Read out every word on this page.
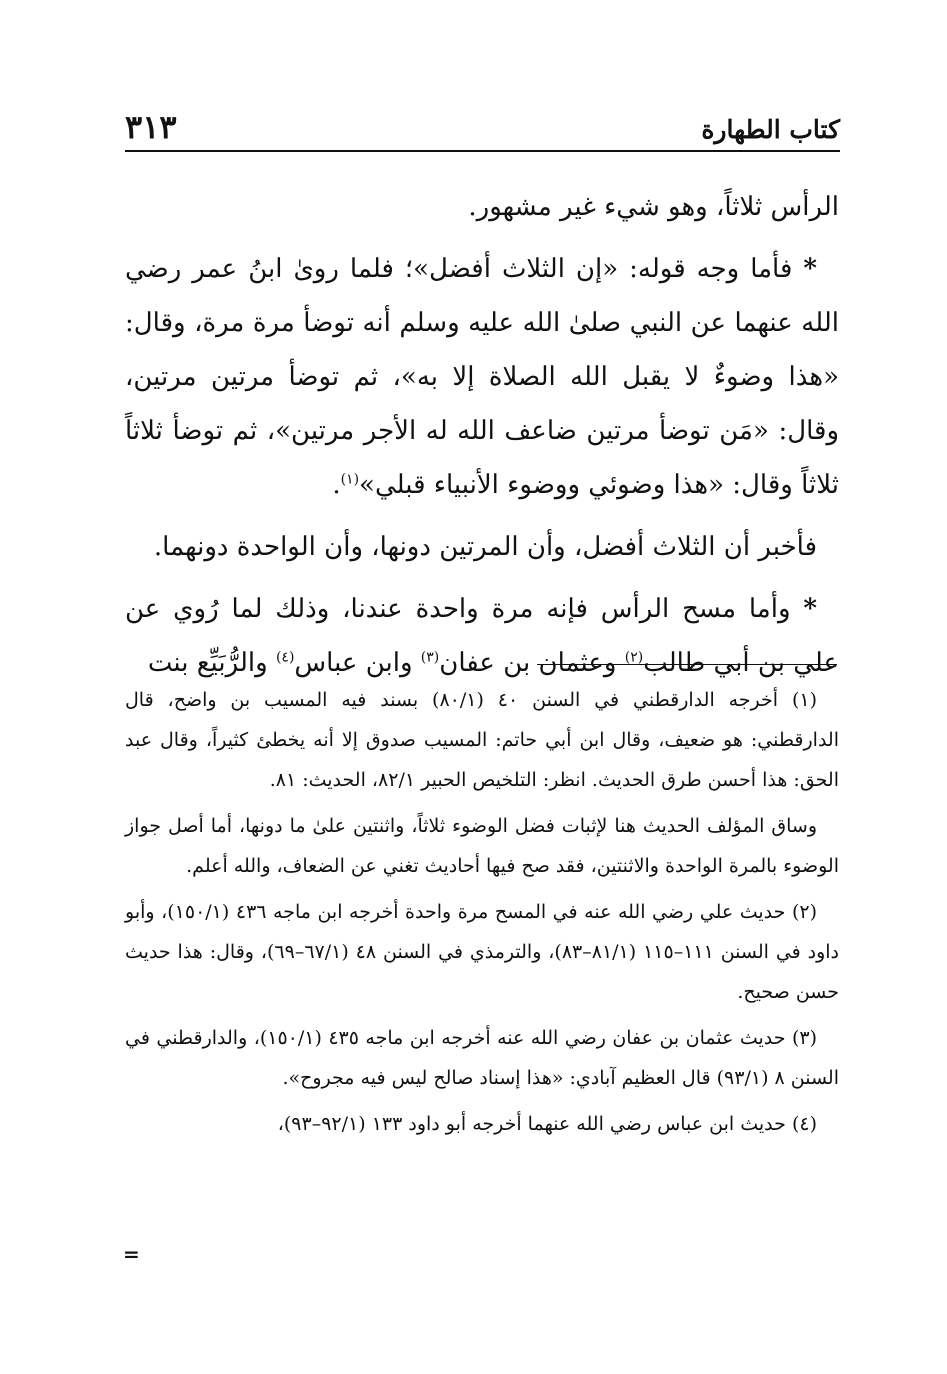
كتاب الطهارة
٣١٣

الرأس ثلاثاً، وهو شيء غير مشهور.

* فأما وجه قوله: «إن الثلاث أفضل»؛ فلما روىٰ ابنُ عمر رضي الله عنهما عن النبي صلىٰ الله عليه وسلم أنه توضأ مرة مرة، وقال: «هذا وضوءٌ لا يقبل الله الصلاة إلا به»، ثم توضأ مرتين مرتين، وقال: «مَن توضأ مرتين ضاعف الله له الأجر مرتين»، ثم توضأ ثلاثاً ثلاثاً وقال: «هذا وضوئي ووضوء الأنبياء قبلي»$^{(١)}$.

فأخبر أن الثلاث أفضل، وأن المرتين دونها، وأن الواحدة دونهما.

* وأما مسح الرأس فإنه مرة واحدة عندنا، وذلك لما رُوي عن علي بن أبي طالب$^{(٢)}$ وعثمان بن عفان$^{(٣)}$ وابن عباس$^{(٤)}$ والرُّبَيِّع بنت

(١) أخرجه الدارقطني في السنن ٤٠ (٨٠/١) بسند فيه المسيب بن واضح، قال الدارقطني: هو ضعيف، وقال ابن أبي حاتم: المسيب صدوق إلا أنه يخطئ كثيراً، وقال عبد الحق: هذا أحسن طرق الحديث. انظر: التلخيص الحبير ٨٢/١، الحديث: ٨١.

وساق المؤلف الحديث هنا لإثبات فضل الوضوء ثلاثاً، واثنتين علىٰ ما دونها، أما أصل جواز الوضوء بالمرة الواحدة والاثنتين، فقد صح فيها أحاديث تغني عن الضعاف، والله أعلم.

(٢) حديث علي رضي الله عنه في المسح مرة واحدة أخرجه ابن ماجه ٤٣٦ (١٥٠/١)، وأبو داود في السنن ١١١–١١٥ (٨١/١–٨٣)، والترمذي في السنن ٤٨ (٦٧/١–٦٩)، وقال: هذا حديث حسن صحيح.

(٣) حديث عثمان بن عفان رضي الله عنه أخرجه ابن ماجه ٤٣٥ (١٥٠/١)، والدارقطني في السنن ٨ (٩٣/١) قال العظيم آبادي: «هذا إسناد صالح ليس فيه مجروح».

(٤) حديث ابن عباس رضي الله عنهما أخرجه أبو داود ١٣٣ (٩٢/١–٩٣)،

=
